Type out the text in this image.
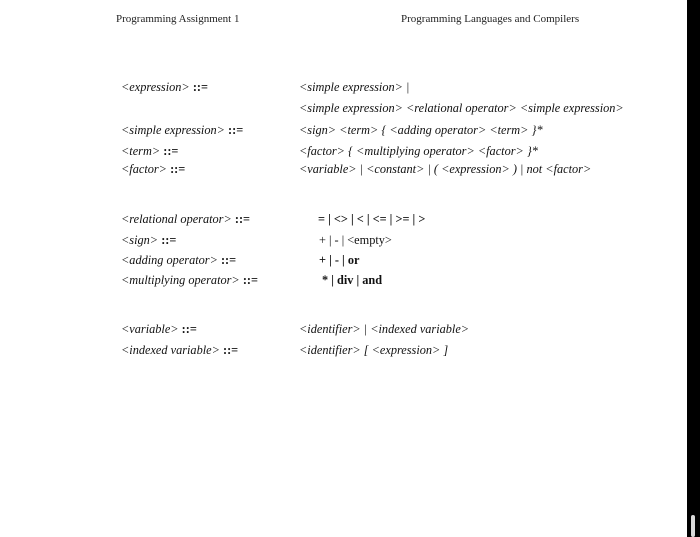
Programming Assignment 1	Programming Languages and Compilers
<expression> ::=	<simple expression> |
<simple expression> <relational operator> <simple expression>
<simple expression> ::=	<sign> <term> { <adding operator> <term> }*
<term> ::=	<factor> { <multiplying operator> <factor> }*
<factor> ::=	<variable> | <constant> | ( <expression> ) | not <factor>
<relational operator> ::=	= | <> | < | <= | >= | >
<sign> ::=	+ | - | <empty>
<adding operator> ::=	+ | - | or
<multiplying operator> ::=	* | div | and
<variable> ::=	<identifier> | <indexed variable>
<indexed variable> ::=	<identifier> [ <expression> ]
